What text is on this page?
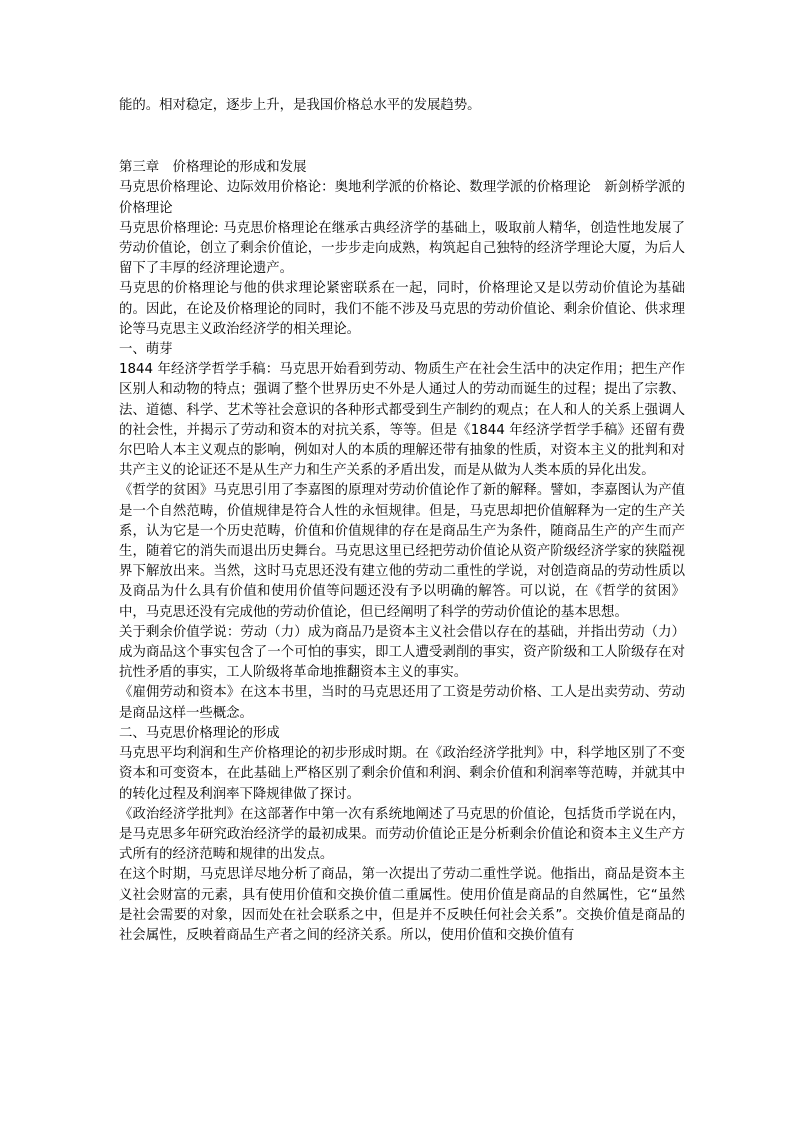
能的。相对稳定，逐步上升，是我国价格总水平的发展趋势。

第三章　价格理论的形成和发展

马克思价格理论、边际效用价格论：奥地利学派的价格论、数理学派的价格理论　新剑桥学派的价格理论

马克思价格理论: 马克思价格理论在继承古典经济学的基础上，吸取前人精华，创造性地发展了劳动价值论，创立了剩余价值论，一步步走向成熟，构筑起自己独特的经济学理论大厦，为后人留下了丰厚的经济理论遗产。

马克思的价格理论与他的供求理论紧密联系在一起，同时，价格理论又是以劳动价值论为基础的。因此，在论及价格理论的同时，我们不能不涉及马克思的劳动价值论、剩余价值论、供求理论等马克思主义政治经济学的相关理论。

一、萌芽

1844 年经济学哲学手稿：马克思开始看到劳动、物质生产在社会生活中的决定作用；把生产作区别人和动物的特点；强调了整个世界历史不外是人通过人的劳动而诞生的过程；提出了宗教、法、道德、科学、艺术等社会意识的各种形式都受到生产制约的观点；在人和人的关系上强调人的社会性，并揭示了劳动和资本的对抗关系，等等。但是《1844 年经济学哲学手稿》还留有费尔巴哈人本主义观点的影响，例如对人的本质的理解还带有抽象的性质，对资本主义的批判和对共产主义的论证还不是从生产力和生产关系的矛盾出发，而是从做为人类本质的异化出发。

《哲学的贫困》马克思引用了李嘉图的原理对劳动价值论作了新的解释。譬如，李嘉图认为产值是一个自然范畴，价值规律是符合人性的永恒规律。但是，马克思却把价值解释为一定的生产关系，认为它是一个历史范畴，价值和价值规律的存在是商品生产为条件，随商品生产的产生而产生，随着它的消失而退出历史舞台。马克思这里已经把劳动价值论从资产阶级经济学家的狭隘视界下解放出来。当然，这时马克思还没有建立他的劳动二重性的学说，对创造商品的劳动性质以及商品为什么具有价值和使用价值等问题还没有予以明确的解答。可以说，在《哲学的贫困》中，马克思还没有完成他的劳动价值论，但已经阐明了科学的劳动价值论的基本思想。

关于剩余价值学说：劳动（力）成为商品乃是资本主义社会借以存在的基础，并指出劳动（力）成为商品这个事实包含了一个可怕的事实，即工人遭受剥削的事实，资产阶级和工人阶级存在对抗性矛盾的事实，工人阶级将革命地推翻资本主义的事实。

《雇佣劳动和资本》在这本书里，当时的马克思还用了工资是劳动价格、工人是出卖劳动、劳动是商品这样一些概念。

二、马克思价格理论的形成

马克思平均利润和生产价格理论的初步形成时期。在《政治经济学批判》中，科学地区别了不变资本和可变资本，在此基础上严格区别了剩余价值和利润、剩余价值和利润率等范畴，并就其中的转化过程及利润率下降规律做了探讨。

《政治经济学批判》在这部著作中第一次有系统地阐述了马克思的价值论，包括货币学说在内，是马克思多年研究政治经济学的最初成果。而劳动价值论正是分析剩余价值论和资本主义生产方式所有的经济范畴和规律的出发点。

在这个时期，马克思详尽地分析了商品，第一次提出了劳动二重性学说。他指出，商品是资本主义社会财富的元素，具有使用价值和交换价值二重属性。使用价值是商品的自然属性，它“虽然是社会需要的对象，因而处在社会联系之中，但是并不反映任何社会关系”。交换价值是商品的社会属性，反映着商品生产者之间的经济关系。所以，使用价值和交换价值有
